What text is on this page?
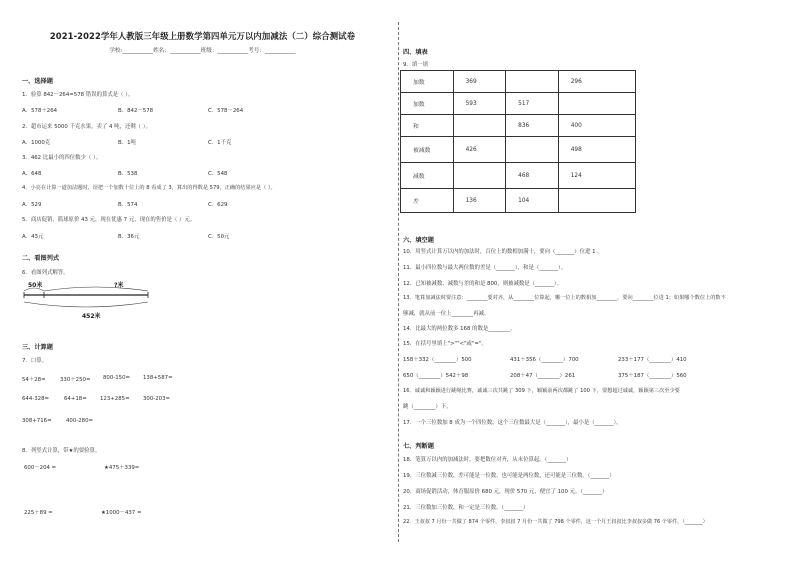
2021-2022学年人教版三年级上册数学第四单元万以内加减法（二）综合测试卷
学校:___________姓名：___________班级：___________考号：___________
一、选择题
1．验算 842－264=578 错误的算式是（ ）。
A．578＋264	B．842－578	C．578－264
2．超市运来 5000 千克水果，卖了 4 吨，还剩（ ）。
A．1000克	B．1吨	C．1千克
3．462 比最小的四位数少（ ）。
A．648	B．538	C．548
4．小亮在计算一道加法题时，误把一个加数十位上的 8 看成了 3，算出的得数是 579，正确的结果应是（ ）。
A．529	B．574	C．629
5．商店促销，篮球原价 43 元，现在优惠 7 元，现在的售价是（ ）元。
A．43元	B．36元	C．50元
二、看图列式
6．看图列式解答。
50米	?米
452米
三、计算题
7．口算。
54＋28=	330＋250= 800-150= 138+587=
644-328=	64+18= 123+285= 300-203=
308+716=	400-280=
8．列竖式计算，带★的要验算。
600－204 =	★475＋339=
225＋89 =	★1000－437 =
四、填表
9．填一填
加数	369		296
加数	593	517	
和		836	400
被减数	426		498
减数		468	124
差	136	104	
六、填空题
10．用竖式计算万以内的加法时，百位上的数相加满十，要向（_______）位进 1 。
11．最小四位数与最大两位数的差是（_______），和是（_______）。
12．已知被减数、减数与差的和是 800，则被减数是（_______）。
13．笔算加减法时要注意：________要对齐，从________位算起，哪一位上的数相加________，要向________位进 1；如果哪个数位上的数不
够减，就从前一位上________再减。
14．比最大的两位数多 168 的数是________。
15．在括号里填上">""<"或"="。
158＋332（________）500	431＋356（________）700	233＋177（________）410
650（________）542＋98	208＋47（________）261	375＋187（________）560
16．诚诚和颖颖进行跳绳比赛，诚诚三次共跳了 309 下，颖颖前两次都跳了 100 下，要想超过诚诚，颖颖第三次至少要
跳（________）下。
17．一个三位数加 8 成为一个四位数，这个三位数最大是（_______），最小是（_______）。
七、判断题
18．笔算万以内的加减法时，要把数位对齐，从末位算起。（_______）
19．三位数减三位数，差可能是一位数，也可能是两位数，还可能是三位数。（_______）
20．商场促销活动，体育服原价 680 元，现价 570 元，便宜了 100 元。（_______）
21．三位数加三位数，和一定是三位数。（_______）
22．王叔叔 7 月份一共做了 874 个零件，李叔叔 7 月份一共做了 798 个零件，这一个月王叔叔比李叔叔多做 76 个零件。（_______）
